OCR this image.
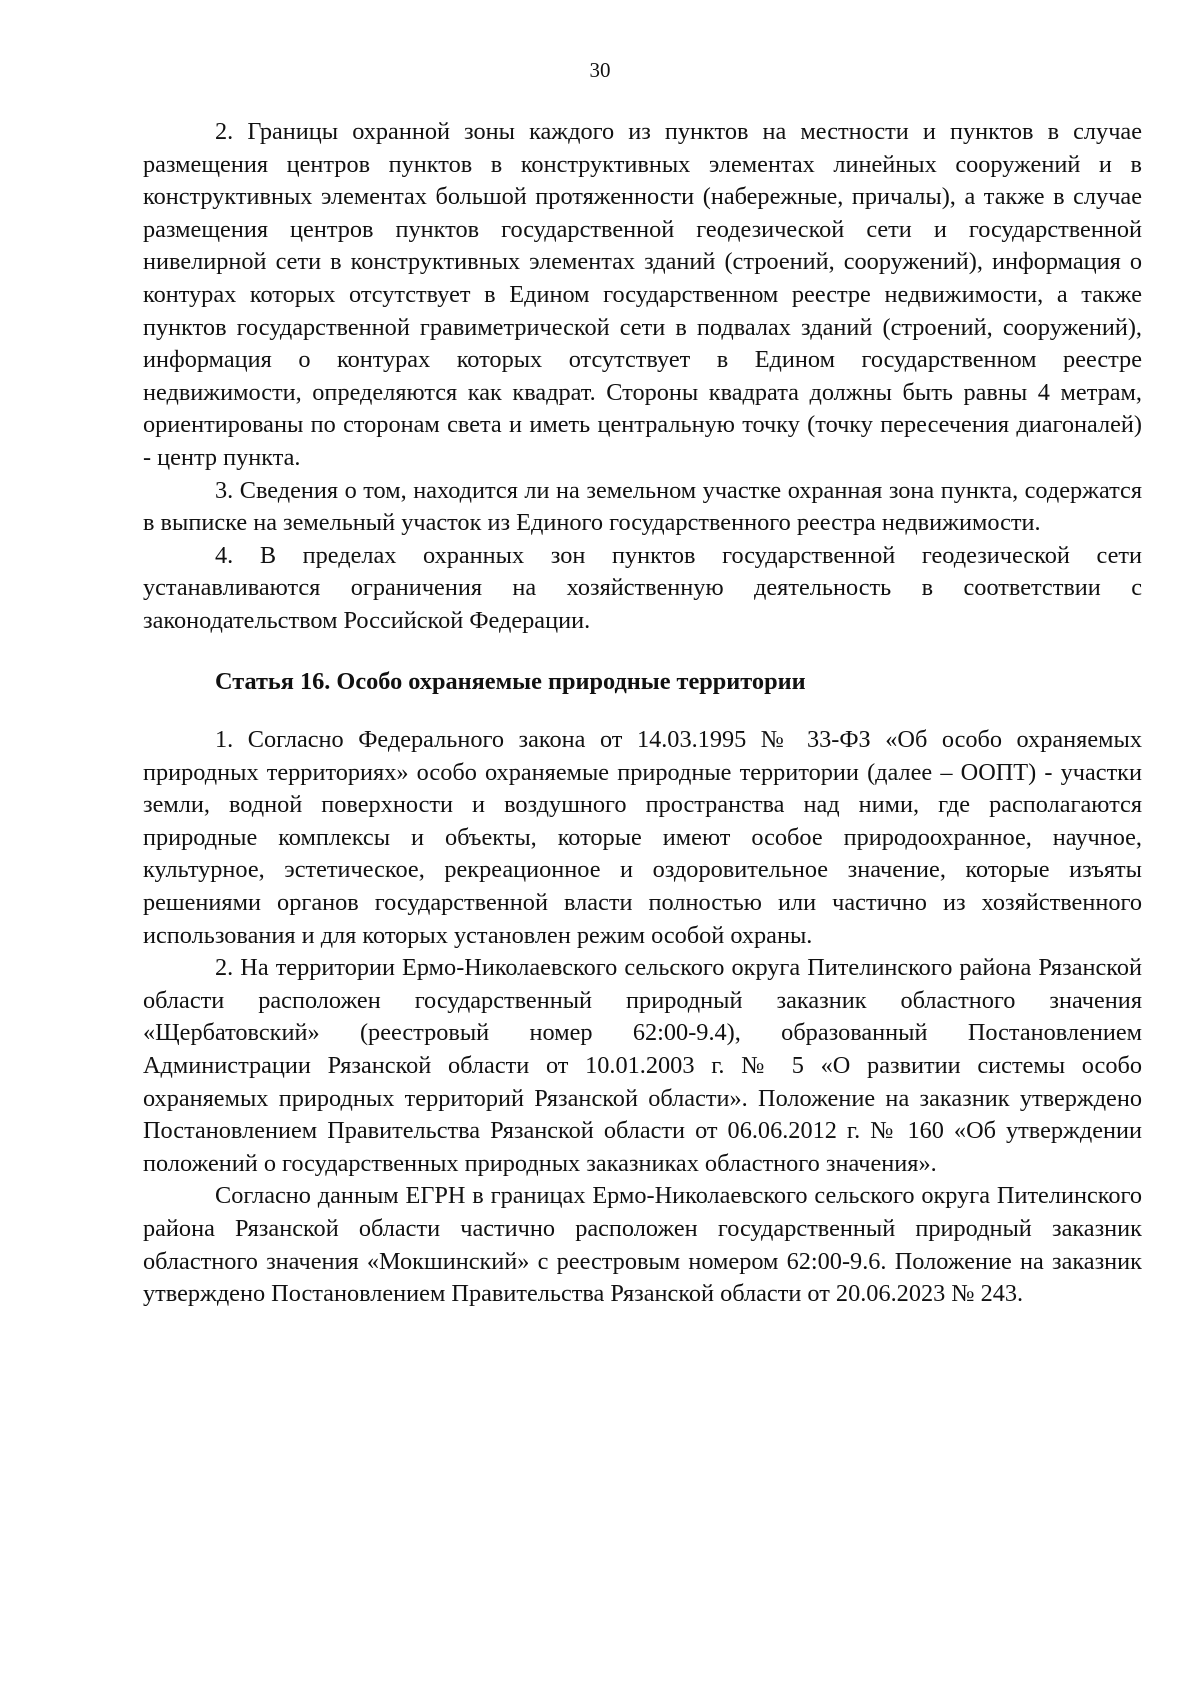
30

2. Границы охранной зоны каждого из пунктов на местности и пунктов в случае размещения центров пунктов в конструктивных элементах линейных сооружений и в конструктивных элементах большой протяженности (набережные, причалы), а также в случае размещения центров пунктов государственной геодезической сети и государственной нивелирной сети в конструктивных элементах зданий (строений, сооружений), информация о контурах которых отсутствует в Едином государственном реестре недвижимости, а также пунктов государственной гравиметрической сети в подвалах зданий (строений, сооружений), информация о контурах которых отсутствует в Едином государственном реестре недвижимости, определяются как квадрат. Стороны квадрата должны быть равны 4 метрам, ориентированы по сторонам света и иметь центральную точку (точку пересечения диагоналей) - центр пункта.

3. Сведения о том, находится ли на земельном участке охранная зона пункта, содержатся в выписке на земельный участок из Единого государственного реестра недвижимости.

4. В пределах охранных зон пунктов государственной геодезической сети устанавливаются ограничения на хозяйственную деятельность в соответствии с законодательством Российской Федерации.

Статья 16. Особо охраняемые природные территории

1. Согласно Федерального закона от 14.03.1995 № 33-ФЗ «Об особо охраняемых природных территориях» особо охраняемые природные территории (далее – ООПТ) - участки земли, водной поверхности и воздушного пространства над ними, где располагаются природные комплексы и объекты, которые имеют особое природоохранное, научное, культурное, эстетическое, рекреационное и оздоровительное значение, которые изъяты решениями органов государственной власти полностью или частично из хозяйственного использования и для которых установлен режим особой охраны.

2. На территории Ермо-Николаевского сельского округа Пителинского района Рязанской области расположен государственный природный заказник областного значения «Щербатовский» (реестровый номер 62:00-9.4), образованный Постановлением Администрации Рязанской области от 10.01.2003 г. № 5 «О развитии системы особо охраняемых природных территорий Рязанской области». Положение на заказник утверждено Постановлением Правительства Рязанской области от 06.06.2012 г. № 160 «Об утверждении положений о государственных природных заказниках областного значения».

Согласно данным ЕГРН в границах Ермо-Николаевского сельского округа Пителинского района Рязанской области частично расположен государственный природный заказник областного значения «Мокшинский» с реестровым номером 62:00-9.6. Положение на заказник утверждено Постановлением Правительства Рязанской области от 20.06.2023 № 243.
